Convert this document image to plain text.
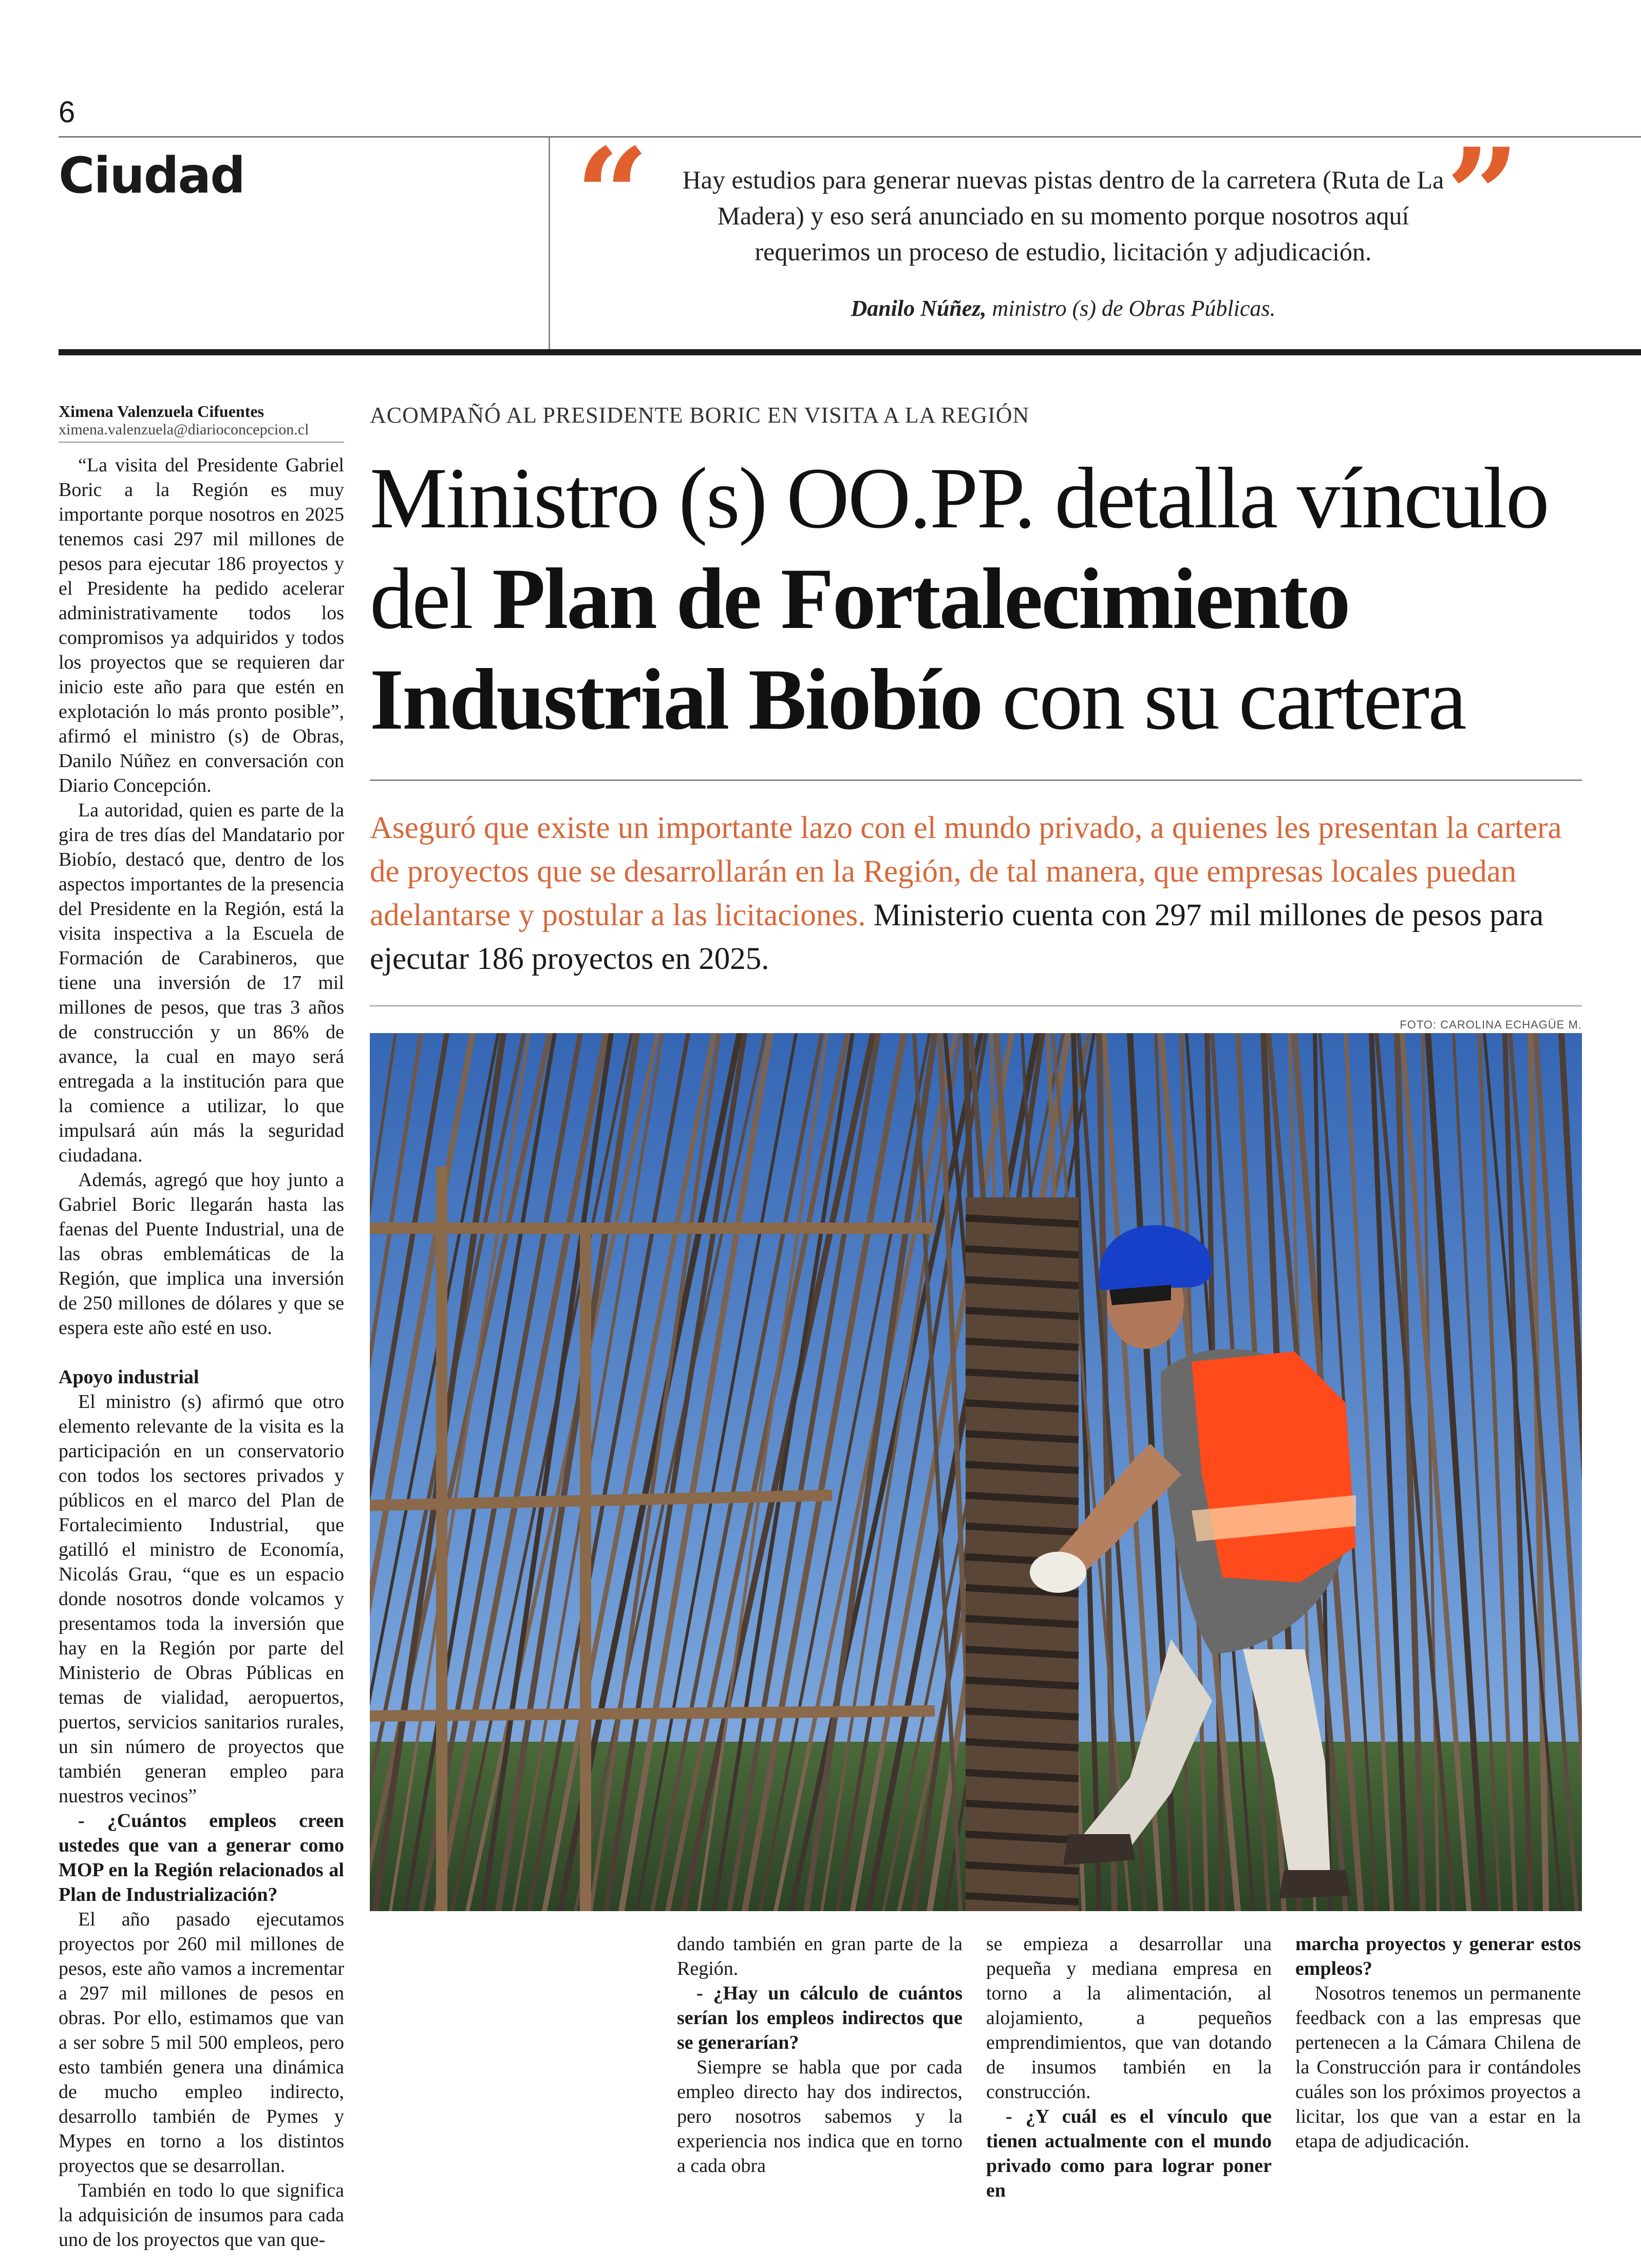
6
Ciudad	“	”
Hay estudios para generar nuevas pistas dentro de la carretera (Ruta de La Madera) y eso será anunciado en su momento porque nosotros aquí requerimos un proceso de estudio, licitación y adjudicación.
Danilo Núñez, ministro (s) de Obras Públicas.
Ximena Valenzuela Cifuentes
ximena.valenzuela@diarioconcepcion.cl

“La visita del Presidente Gabriel Boric a la Región es muy importante porque nosotros en 2025 tenemos casi 297 mil millones de pesos para ejecutar 186 proyectos y el Presidente ha pedido acelerar administrativamente todos los compromisos ya adquiridos y todos los proyectos que se requieren dar inicio este año para que estén en explotación lo más pronto posible”, afirmó el ministro (s) de Obras, Danilo Núñez en conversación con Diario Concepción.

La autoridad, quien es parte de la gira de tres días del Mandatario por Biobío, destacó que, dentro de los aspectos importantes de la presencia del Presidente en la Región, está la visita inspectiva a la Escuela de Formación de Carabineros, que tiene una inversión de 17 mil millones de pesos, que tras 3 años de construcción y un 86% de avance, la cual en mayo será entregada a la institución para que la comience a utilizar, lo que impulsará aún más la seguridad ciudadana.

Además, agregó que hoy junto a Gabriel Boric llegarán hasta las faenas del Puente Industrial, una de las obras emblemáticas de la Región, que implica una inversión de 250 millones de dólares y que se espera este año esté en uso.

Apoyo industrial

El ministro (s) afirmó que otro elemento relevante de la visita es la participación en un conservatorio con todos los sectores privados y públicos en el marco del Plan de Fortalecimiento Industrial, que gatilló el ministro de Economía, Nicolás Grau, “que es un espacio donde nosotros donde volcamos y presentamos toda la inversión que hay en la Región por parte del Ministerio de Obras Públicas en temas de vialidad, aeropuertos, puertos, servicios sanitarios rurales, un sin número de proyectos que también generan empleo para nuestros vecinos”

- ¿Cuántos empleos creen ustedes que van a generar como MOP en la Región relacionados al Plan de Industrialización?

El año pasado ejecutamos proyectos por 260 mil millones de pesos, este año vamos a incrementar a 297 mil millones de pesos en obras. Por ello, estimamos que van a ser sobre 5 mil 500 empleos, pero esto también genera una dinámica de mucho empleo indirecto, desarrollo también de Pymes y Mypes en torno a los distintos proyectos que se desarrollan.

También en todo lo que significa la adquisición de insumos para cada uno de los proyectos que van que-

ACOMPAÑÓ AL PRESIDENTE BORIC EN VISITA A LA REGIÓN
Ministro (s) OO.PP. detalla vínculo
del Plan de Fortalecimiento
Industrial Biobío con su cartera
Aseguró que existe un importante lazo con el mundo privado, a quienes les presentan la cartera de proyectos que se desarrollarán en la Región, de tal manera, que empresas locales puedan adelantarse y postular a las licitaciones. Ministerio cuenta con 297 mil millones de pesos para ejecutar 186 proyectos en 2025.
FOTO: CAROLINA ECHAGÜE M.

dando también en gran parte de la Región.

- ¿Hay un cálculo de cuántos serían los empleos indirectos que se generarían?

Siempre se habla que por cada empleo directo hay dos indirectos, pero nosotros sabemos y la experiencia nos indica que en torno a cada obra

se empieza a desarrollar una pequeña y mediana empresa en torno a la alimentación, al alojamiento, a pequeños emprendimientos, que van dotando de insumos también en la construcción.

- ¿Y cuál es el vínculo que tienen actualmente con el mundo privado como para lograr poner en

marcha proyectos y generar estos empleos?

Nosotros tenemos un permanente feedback con a las empresas que pertenecen a la Cámara Chilena de la Construcción para ir contándoles cuáles son los próximos proyectos a licitar, los que van a estar en la etapa de adjudicación.
